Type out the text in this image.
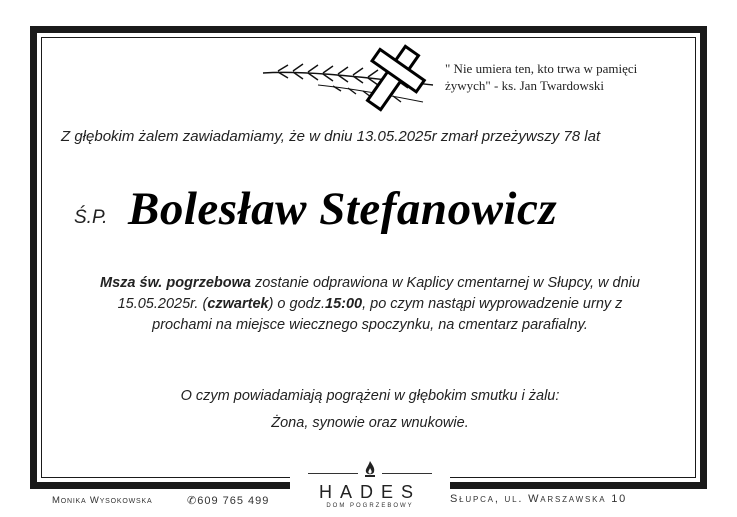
" Nie umiera ten, kto trwa w pamięci
żywych" - ks. Jan Twardowski
Z głębokim żalem zawiadamiamy, że w dniu 13.05.2025r zmarł przeżywszy 78 lat
Ś.P. Bolesław Stefanowicz
Msza św. pogrzebowa zostanie odprawiona w Kaplicy cmentarnej w Słupcy, w dniu
15.05.2025r. (czwartek) o godz.15:00, po czym nastąpi wyprowadzenie urny z
prochami na miejsce wiecznego spoczynku, na cmentarz parafialny.
O czym powiadamiają pogrążeni w głębokim smutku i żalu:
Żona, synowie oraz wnukowie.
Monika Wysokowska	✆609 765 499	HADES
DOM POGRZEBOWY
Słupca, ul. Warszawska 10
